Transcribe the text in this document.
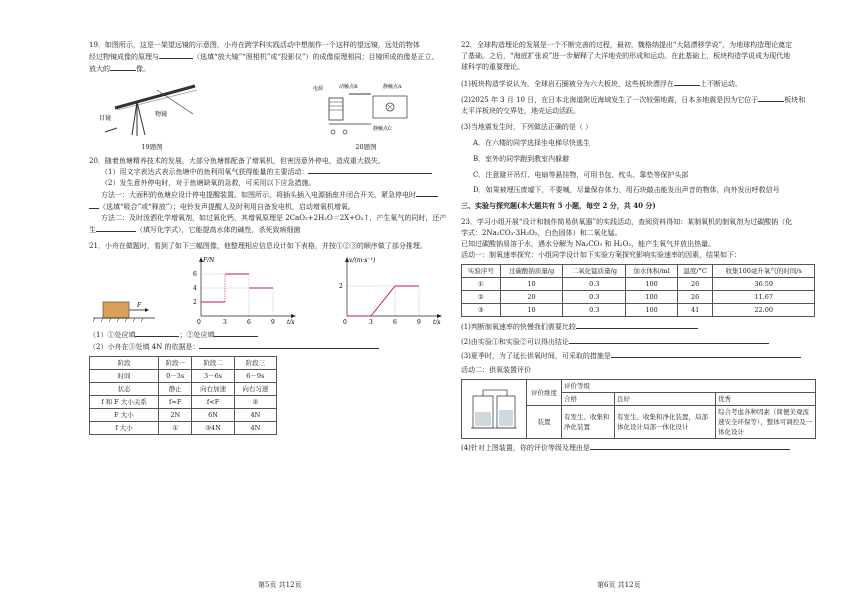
19．如图所示，这是一架望远镜的示意图，小舟在跨学科实践活动中想制作一个这样的望远镜，远处的物体
经过物镜成像的原理与	（选填“放大镜”“照相机”或“投影仪”）的成像原理相同；目镜所成的像是正立、
放大的	像。

目镜
物镜
19题图
电源	动触点B	静触点A
静触点C
20题图

20．随着鱼塘精养技术的发展，大部分鱼塘都配备了增氧机，但害因意外停电，造成重大损失。
（1）用文字表达式表示鱼塘中的鱼利用氧气获得能量的主要活动：
（2）发生意外停电时，对于鱼塘缺氧的急救，可采用以下应急措施。
方法一：大面积的鱼塘应设计停电提醒装置。如图所示，将插头插入电源插座并闭合开关，紧急停电时
（选填“吸合”或“释放”）；电铃发声提醒人及时利用自备发电机，启动增氧机增氧。
方法二：及时泼洒化学增氧剂，如过氧化钙，其增氧原理是 2CaO₂+2H₂O＝2X+O₂↑，产生氧气的同时，还产
生	（填写化学式），它能提高水体的碱性，杀死致病细菌

21．小舟在做题时，看到了如下三幅图像，他整理相应信息设计如下表格，并按①②③的顺序做了部分推理。

F
F/N
t/s
6
4
2
0	3	6	9
v/(m·s⁻¹)
t/s
2
0	3	6	9

（1）①处应填	；②处应填
（2）小舟在③处填 4N 的依据是：

阶段	阶段一	阶段二	阶段三
时间	0－3s	3－6s	6－9s
状态	静止	向右加速	向右匀速
f 和 F 大小关系	f=F	f<F	②
F 大小	2N	6N	4N
f 大小	①	③4N	4N

22．全球构造理论的发展是一个不断完善的过程，最初，魏格纳提出“大陆漂移学说”，为地球构造理论奠定
了基础。之后，“海底扩张说”进一步解释了大洋地壳的形成和运动。在此基础上，板块构造学说成为现代地
球科学的重要理论。

(1)板块构造学说认为，全球岩石圈被分为六大板块，这些板块漂浮在	上不断运动。

(2)2025 年 3 月 10 日，在日本北海道附近海域发生了一次较强地震，日本多地震是因为它位于	板块和
太平洋板块的交界处，地壳运动活跃。

(3)当地震发生时，下列做法正确的是（ ）

A．在六楼的同学选择坐电梯尽快逃生

B．室外的同学跑到教室内躲避

C．注意避开吊灯、电扇等悬挂物，可用书包、枕头、靠垫等保护头部

D．如果被埋压废墟下，不要喊，尽量保存体力，用石块敲击能发出声音的物体，向外发出呼救信号

三、实验与探究题(本大题共有 5 小题，每空 2 分，共 40 分)

23．学习小组开展“设计和制作简易供氧器”的实践活动，查阅资料得知：某制氧机的制氧剂为过碳酸钠（化
学式：2Na₂CO₃·3H₂O₂，白色固体）和二氧化锰。
已知过碳酸钠易溶于水，遇水分解为 Na₂CO₃ 和 H₂O₂，能产生氧气并放出热量。
活动一：制氧速率探究：小组同学设计如下实验方案探究影响实验速率的因素，结果如下：

实验序号	过碳酸钠质量/g	二氧化锰质量/g	加水体积/ml	温度/°C	收集100毫升氧气的时间/s
①	10	0.3	100	26	36.59
②	20	0.3	100	26	11.67
③	10	0.3	100	41	22.00

(1)判断制氧速率的快慢我们需要比较

(2)由实验①和实验②可以得出结论

(3)夏季时，为了延长供氧时间，可采取的措施是

活动二：供氧装置评价

评价维度	评价等级		
	合格	良好	优秀
装置	有发生、收集和净化装置	有发生、收集和净化装置，局部体化设计局部一体化设计	综合考虑各种因素（简便美观流速安全环保等），整体可调控及一体化设计

(4)针对上图装置，你的评价等级及理由是

第5页 共12页	第6页 共12页
